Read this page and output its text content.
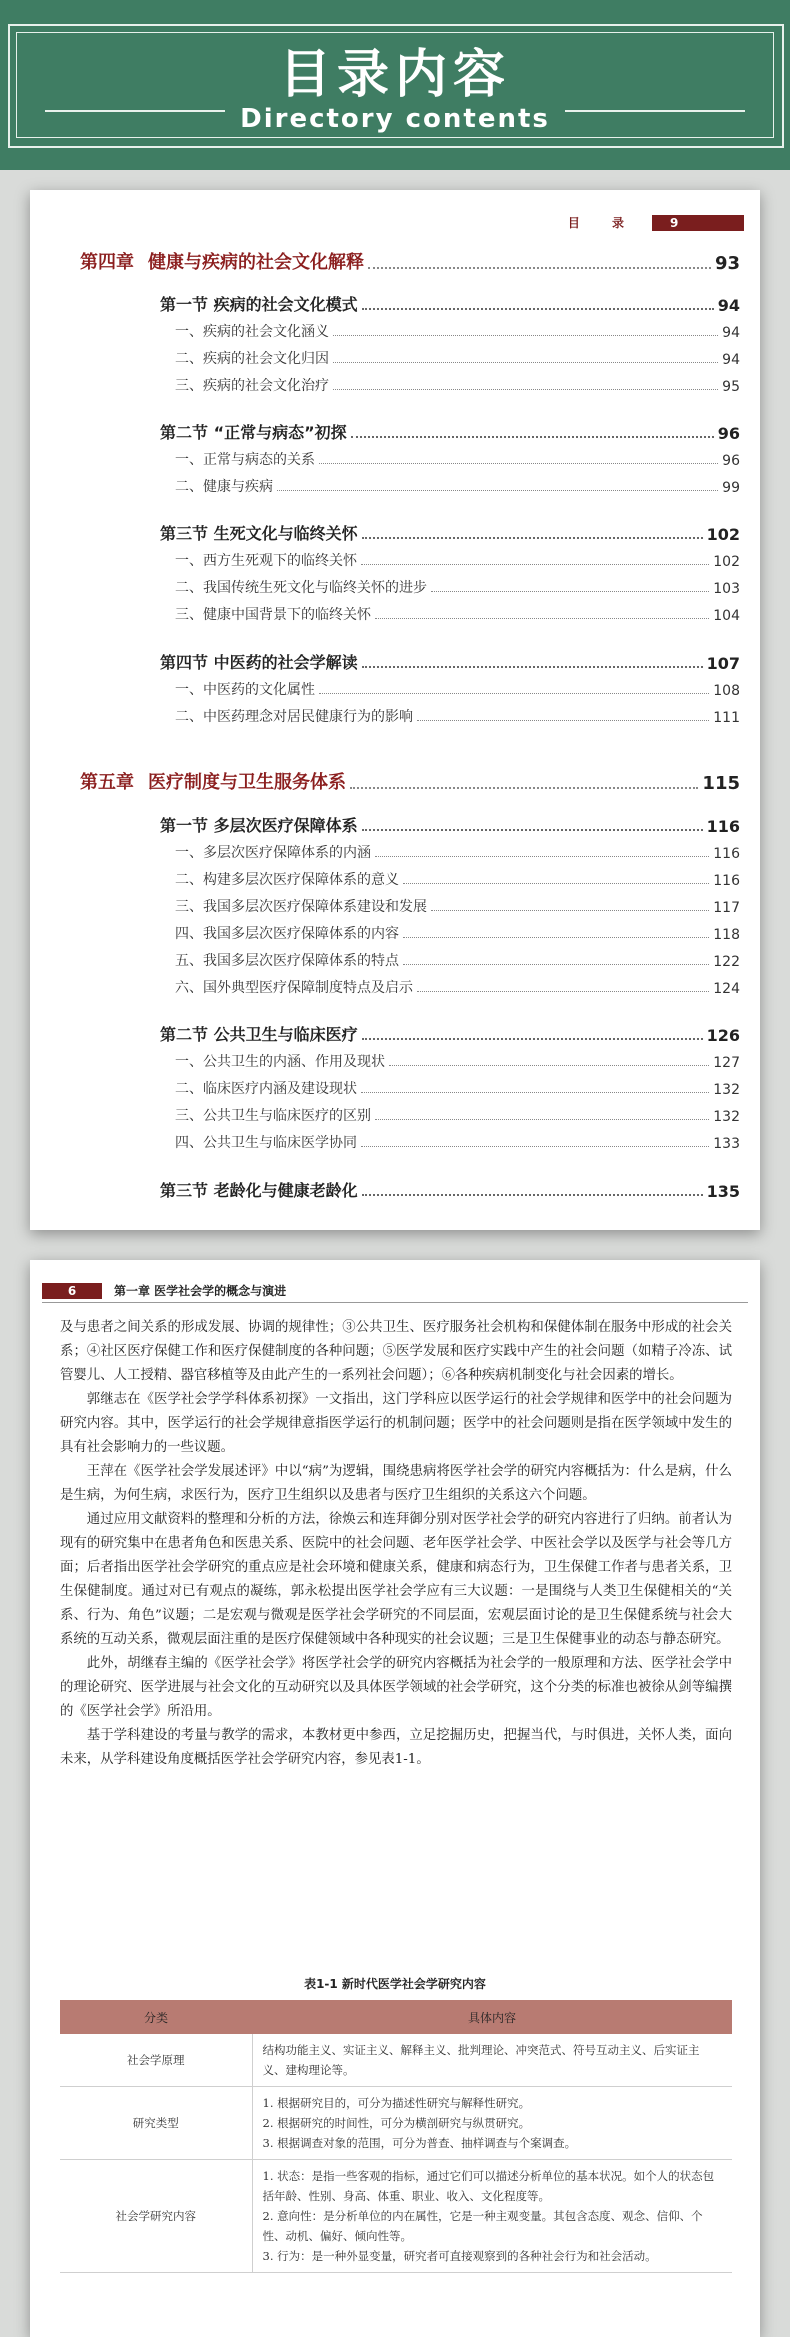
目录内容
Directory contents
目 录	9
第四章 健康与疾病的社会文化解释	93
第一节 疾病的社会文化模式	94
一、疾病的社会文化涵义	94
二、疾病的社会文化归因	94
三、疾病的社会文化治疗	95
第二节 “正常与病态”初探	96
一、正常与病态的关系	96
二、健康与疾病	99
第三节 生死文化与临终关怀	102
一、西方生死观下的临终关怀	102
二、我国传统生死文化与临终关怀的进步	103
三、健康中国背景下的临终关怀	104
第四节 中医药的社会学解读	107
一、中医药的文化属性	108
二、中医药理念对居民健康行为的影响	111
第五章 医疗制度与卫生服务体系	115
第一节 多层次医疗保障体系	116
一、多层次医疗保障体系的内涵	116
二、构建多层次医疗保障体系的意义	116
三、我国多层次医疗保障体系建设和发展	117
四、我国多层次医疗保障体系的内容	118
五、我国多层次医疗保障体系的特点	122
六、国外典型医疗保障制度特点及启示	124
第二节 公共卫生与临床医疗	126
一、公共卫生的内涵、作用及现状	127
二、临床医疗内涵及建设现状	132
三、公共卫生与临床医疗的区别	132
四、公共卫生与临床医学协同	133
第三节 老龄化与健康老龄化	135
6	第一章 医学社会学的概念与演进

及与患者之间关系的形成发展、协调的规律性；③公共卫生、医疗服务社会机构和保健体制在服务中形成的社会关系；④社区医疗保健工作和医疗保健制度的各种问题；⑤医学发展和医疗实践中产生的社会问题（如精子冷冻、试管婴儿、人工授精、器官移植等及由此产生的一系列社会问题）；⑥各种疾病机制变化与社会因素的增长。

郭继志在《医学社会学学科体系初探》一文指出，这门学科应以医学运行的社会学规律和医学中的社会问题为研究内容。其中，医学运行的社会学规律意指医学运行的机制问题；医学中的社会问题则是指在医学领域中发生的具有社会影响力的一些议题。

王萍在《医学社会学发展述评》中以“病”为逻辑，围绕患病将医学社会学的研究内容概括为：什么是病，什么是生病，为何生病，求医行为，医疗卫生组织以及患者与医疗卫生组织的关系这六个问题。

通过应用文献资料的整理和分析的方法，徐焕云和连拜御分别对医学社会学的研究内容进行了归纳。前者认为现有的研究集中在患者角色和医患关系、医院中的社会问题、老年医学社会学、中医社会学以及医学与社会等几方面；后者指出医学社会学研究的重点应是社会环境和健康关系，健康和病态行为，卫生保健工作者与患者关系，卫生保健制度。通过对已有观点的凝练，郭永松提出医学社会学应有三大议题：一是围绕与人类卫生保健相关的“关系、行为、角色”议题；二是宏观与微观是医学社会学研究的不同层面，宏观层面讨论的是卫生保健系统与社会大系统的互动关系，微观层面注重的是医疗保健领域中各种现实的社会议题；三是卫生保健事业的动态与静态研究。

此外，胡继春主编的《医学社会学》将医学社会学的研究内容概括为社会学的一般原理和方法、医学社会学中的理论研究、医学进展与社会文化的互动研究以及具体医学领域的社会学研究，这个分类的标准也被徐从剑等编撰的《医学社会学》所沿用。

基于学科建设的考量与教学的需求，本教材更中参西，立足挖掘历史，把握当代，与时俱进，关怀人类，面向未来，从学科建设角度概括医学社会学研究内容，参见表1-1。

表1-1 新时代医学社会学研究内容
分类	具体内容
社会学原理	结构功能主义、实证主义、解释主义、批判理论、冲突范式、符号互动主义、后实证主义、建构理论等。

研究类型	1. 根据研究目的，可分为描述性研究与解释性研究。
2. 根据研究的时间性，可分为横剖研究与纵贯研究。
3. 根据调查对象的范围，可分为普查、抽样调查与个案调查。

社会学研究内容	1. 状态：是指一些客观的指标，通过它们可以描述分析单位的基本状况。如个人的状态包括年龄、性别、身高、体重、职业、收入、文化程度等。
2. 意向性：是分析单位的内在属性，它是一种主观变量。其包含态度、观念、信仰、个性、动机、偏好、倾向性等。
3. 行为：是一种外显变量，研究者可直接观察到的各种社会行为和社会活动。
